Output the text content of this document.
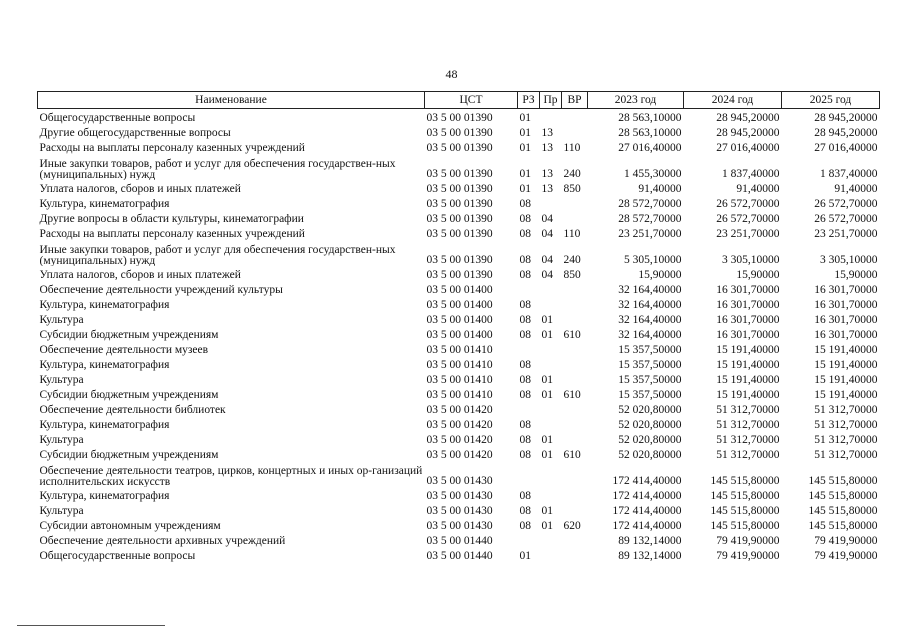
48
Наименование	ЦСТ	РЗ	Пр	ВР	2023 год	2024 год	2025 год
Общегосударственные вопросы	03 5 00 01390	01			28 563,10000	28 945,20000	28 945,20000
Другие общегосударственные вопросы	03 5 00 01390	01	13		28 563,10000	28 945,20000	28 945,20000
Расходы на выплаты персоналу казенных учреждений	03 5 00 01390	01	13	110	27 016,40000	27 016,40000	27 016,40000
Иные закупки товаров, работ и услуг для обеспечения государствен-ных (муниципальных) нужд	03 5 00 01390	01	13	240	1 455,30000	1 837,40000	1 837,40000
Уплата налогов, сборов и иных платежей	03 5 00 01390	01	13	850	91,40000	91,40000	91,40000
Культура, кинематография	03 5 00 01390	08			28 572,70000	26 572,70000	26 572,70000
Другие вопросы в области культуры, кинематографии	03 5 00 01390	08	04		28 572,70000	26 572,70000	26 572,70000
Расходы на выплаты персоналу казенных учреждений	03 5 00 01390	08	04	110	23 251,70000	23 251,70000	23 251,70000
Иные закупки товаров, работ и услуг для обеспечения государствен-ных (муниципальных) нужд	03 5 00 01390	08	04	240	5 305,10000	3 305,10000	3 305,10000
Уплата налогов, сборов и иных платежей	03 5 00 01390	08	04	850	15,90000	15,90000	15,90000
Обеспечение деятельности учреждений культуры	03 5 00 01400				32 164,40000	16 301,70000	16 301,70000
Культура, кинематография	03 5 00 01400	08			32 164,40000	16 301,70000	16 301,70000
Культура	03 5 00 01400	08	01		32 164,40000	16 301,70000	16 301,70000
Субсидии бюджетным учреждениям	03 5 00 01400	08	01	610	32 164,40000	16 301,70000	16 301,70000
Обеспечение деятельности музеев	03 5 00 01410				15 357,50000	15 191,40000	15 191,40000
Культура, кинематография	03 5 00 01410	08			15 357,50000	15 191,40000	15 191,40000
Культура	03 5 00 01410	08	01		15 357,50000	15 191,40000	15 191,40000
Субсидии бюджетным учреждениям	03 5 00 01410	08	01	610	15 357,50000	15 191,40000	15 191,40000
Обеспечение деятельности библиотек	03 5 00 01420				52 020,80000	51 312,70000	51 312,70000
Культура, кинематография	03 5 00 01420	08			52 020,80000	51 312,70000	51 312,70000
Культура	03 5 00 01420	08	01		52 020,80000	51 312,70000	51 312,70000
Субсидии бюджетным учреждениям	03 5 00 01420	08	01	610	52 020,80000	51 312,70000	51 312,70000
Обеспечение деятельности театров, цирков, концертных и иных ор-ганизаций исполнительских искусств	03 5 00 01430				172 414,40000	145 515,80000	145 515,80000
Культура, кинематография	03 5 00 01430	08			172 414,40000	145 515,80000	145 515,80000
Культура	03 5 00 01430	08	01		172 414,40000	145 515,80000	145 515,80000
Субсидии автономным учреждениям	03 5 00 01430	08	01	620	172 414,40000	145 515,80000	145 515,80000
Обеспечение деятельности архивных учреждений	03 5 00 01440				89 132,14000	79 419,90000	79 419,90000
Общегосударственные вопросы	03 5 00 01440	01			89 132,14000	79 419,90000	79 419,90000
